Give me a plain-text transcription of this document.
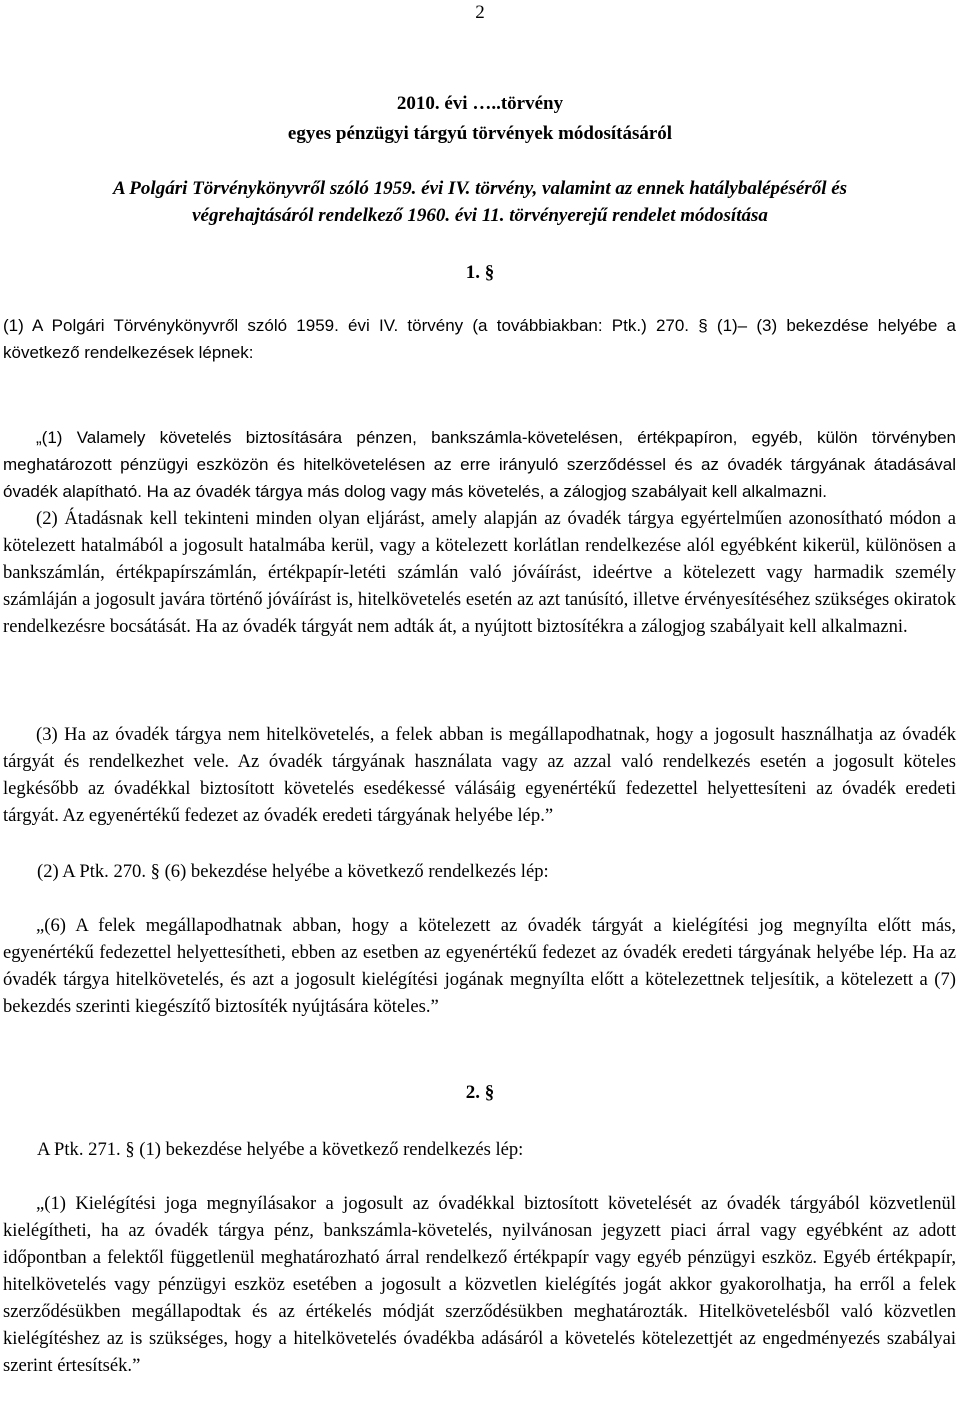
2
2010. évi …..törvény
egyes pénzügyi tárgyú törvények módosításáról
A Polgári Törvénykönyvről szóló 1959. évi IV. törvény, valamint az ennek hatálybalépéséről és
végrehajtásáról rendelkező 1960. évi 11. törvényerejű rendelet módosítása
1. §

(1) A Polgári Törvénykönyvről szóló 1959. évi IV. törvény (a továbbiakban: Ptk.) 270. § (1)– (3) bekezdése helyébe a következő rendelkezések lépnek:

„(1) Valamely követelés biztosítására pénzen, bankszámla-követelésen, értékpapíron, egyéb, külön törvényben meghatározott pénzügyi eszközön és hitelkövetelésen az erre irányuló szerződéssel és az óvadék tárgyának átadásával óvadék alapítható. Ha az óvadék tárgya más dolog vagy más követelés, a zálogjog szabályait kell alkalmazni.

(2) Átadásnak kell tekinteni minden olyan eljárást, amely alapján az óvadék tárgya egyértelműen azonosítható módon a kötelezett hatalmából a jogosult hatalmába kerül, vagy a kötelezett korlátlan rendelkezése alól egyébként kikerül, különösen a bankszámlán, értékpapírszámlán, értékpapír-letéti számlán való jóváírást, ideértve a kötelezett vagy harmadik személy számláján a jogosult javára történő jóváírást is, hitelkövetelés esetén az azt tanúsító, illetve érvényesítéséhez szükséges okiratok rendelkezésre bocsátását. Ha az óvadék tárgyát nem adták át, a nyújtott biztosítékra a zálogjog szabályait kell alkalmazni.

(3) Ha az óvadék tárgya nem hitelkövetelés, a felek abban is megállapodhatnak, hogy a jogosult használhatja az óvadék tárgyát és rendelkezhet vele. Az óvadék tárgyának használata vagy az azzal való rendelkezés esetén a jogosult köteles legkésőbb az óvadékkal biztosított követelés esedékessé válásáig egyenértékű fedezettel helyettesíteni az óvadék eredeti tárgyát. Az egyenértékű fedezet az óvadék eredeti tárgyának helyébe lép.”

(2) A Ptk. 270. § (6) bekezdése helyébe a következő rendelkezés lép:

„(6) A felek megállapodhatnak abban, hogy a kötelezett az óvadék tárgyát a kielégítési jog megnyílta előtt más, egyenértékű fedezettel helyettesítheti, ebben az esetben az egyenértékű fedezet az óvadék eredeti tárgyának helyébe lép. Ha az óvadék tárgya hitelkövetelés, és azt a jogosult kielégítési jogának megnyílta előtt a kötelezettnek teljesítik, a kötelezett a (7) bekezdés szerinti kiegészítő biztosíték nyújtására köteles.”

2. §

A Ptk. 271. § (1) bekezdése helyébe a következő rendelkezés lép:

„(1) Kielégítési joga megnyílásakor a jogosult az óvadékkal biztosított követelését az óvadék tárgyából közvetlenül kielégítheti, ha az óvadék tárgya pénz, bankszámla-követelés, nyilvánosan jegyzett piaci árral vagy egyébként az adott időpontban a felektől függetlenül meghatározható árral rendelkező értékpapír vagy egyéb pénzügyi eszköz. Egyéb értékpapír, hitelkövetelés vagy pénzügyi eszköz esetében a jogosult a közvetlen kielégítés jogát akkor gyakorolhatja, ha erről a felek szerződésükben megállapodtak és az értékelés módját szerződésükben meghatározták. Hitelkövetelésből való közvetlen kielégítéshez az is szükséges, hogy a hitelkövetelés óvadékba adásáról a követelés kötelezettjét az engedményezés szabályai szerint értesítsék.”
